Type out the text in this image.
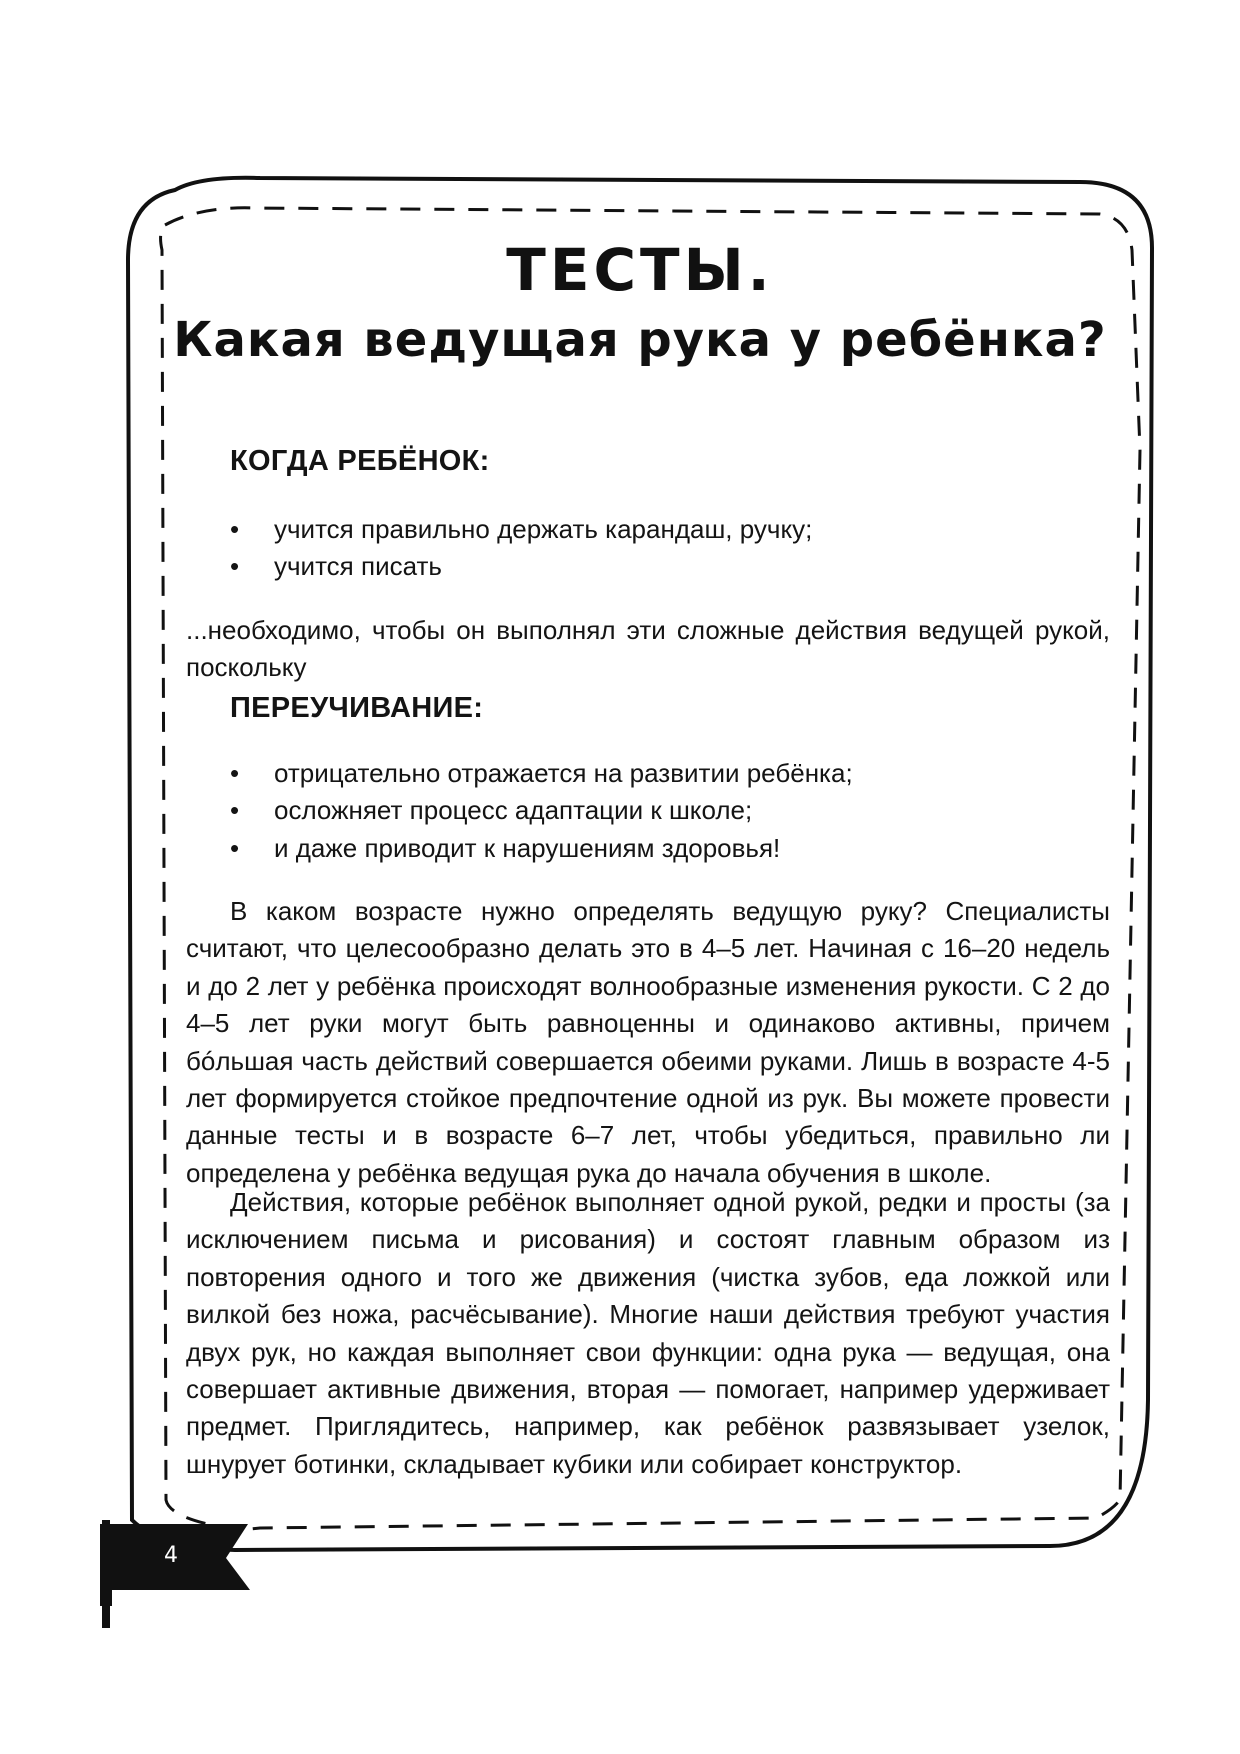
ТЕСТЫ.
Какая ведущая рука у ребёнка?
КОГДА РЕБЁНОК:
• учится правильно держать карандаш, ручку;
• учится писать

...необходимо, чтобы он выполнял эти сложные действия ведущей рукой, поскольку

ПЕРЕУЧИВАНИЕ:
• отрицательно отражается на развитии ребёнка;
• осложняет процесс адаптации к школе;
• и даже приводит к нарушениям здоровья!

В каком возрасте нужно определять ведущую руку? Специалисты считают, что целесообразно делать это в 4–5 лет. Начиная с 16–20 недель и до 2 лет у ребёнка происходят волнообразные изменения рукости. С 2 до 4–5 лет руки могут быть равноценны и одинаково активны, причем бóльшая часть действий совершается обеими руками. Лишь в возрасте 4-5 лет формируется стойкое предпочтение одной из рук. Вы можете провести данные тесты и в возрасте 6–7 лет, чтобы убедиться, правильно ли определена у ребёнка ведущая рука до начала обучения в школе.

Действия, которые ребёнок выполняет одной рукой, редки и просты (за исключением письма и рисования) и состоят главным образом из повторения одного и того же движения (чистка зубов, еда ложкой или вилкой без ножа, расчёсывание). Многие наши действия требуют участия двух рук, но каждая выполняет свои функции: одна рука — ведущая, она совершает активные движения, вторая — помогает, например удерживает предмет. Приглядитесь, например, как ребёнок развязывает узелок, шнурует ботинки, складывает кубики или собирает конструктор.

4
